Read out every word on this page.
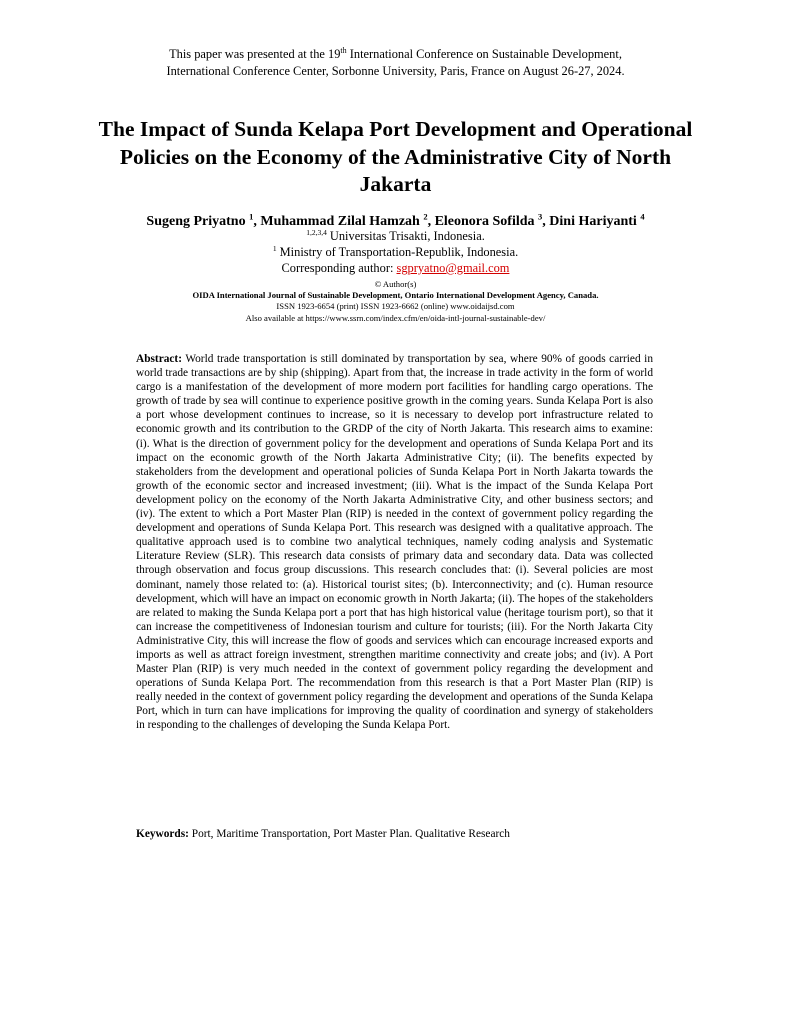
This paper was presented at the 19th International Conference on Sustainable Development,
International Conference Center, Sorbonne University, Paris, France on August 26-27, 2024.
The Impact of Sunda Kelapa Port Development and Operational Policies on the Economy of the Administrative City of North Jakarta
Sugeng Priyatno $^1$, Muhammad Zilal Hamzah $^2$, Eleonora Sofilda $^3$, Dini Hariyanti $^4$
$^{1,2,3,4}$ Universitas Trisakti, Indonesia.
$^1$ Ministry of Transportation-Republik, Indonesia.
Corresponding author: sgpryatno@gmail.com
© Author(s)
OIDA International Journal of Sustainable Development, Ontario International Development Agency, Canada.
ISSN 1923-6654 (print) ISSN 1923-6662 (online) www.oidaijsd.com
Also available at https://www.ssrn.com/index.cfm/en/oida-intl-journal-sustainable-dev/

Abstract: World trade transportation is still dominated by transportation by sea, where 90% of goods carried in world trade transactions are by ship (shipping). Apart from that, the increase in trade activity in the form of world cargo is a manifestation of the development of more modern port facilities for handling cargo operations. The growth of trade by sea will continue to experience positive growth in the coming years. Sunda Kelapa Port is also a port whose development continues to increase, so it is necessary to develop port infrastructure related to economic growth and its contribution to the GRDP of the city of North Jakarta. This research aims to examine: (i). What is the direction of government policy for the development and operations of Sunda Kelapa Port and its impact on the economic growth of the North Jakarta Administrative City; (ii). The benefits expected by stakeholders from the development and operational policies of Sunda Kelapa Port in North Jakarta towards the growth of the economic sector and increased investment; (iii). What is the impact of the Sunda Kelapa Port development policy on the economy of the North Jakarta Administrative City, and other business sectors; and (iv). The extent to which a Port Master Plan (RIP) is needed in the context of government policy regarding the development and operations of Sunda Kelapa Port. This research was designed with a qualitative approach. The qualitative approach used is to combine two analytical techniques, namely coding analysis and Systematic Literature Review (SLR). This research data consists of primary data and secondary data. Data was collected through observation and focus group discussions. This research concludes that: (i). Several policies are most dominant, namely those related to: (a). Historical tourist sites; (b). Interconnectivity; and (c). Human resource development, which will have an impact on economic growth in North Jakarta; (ii). The hopes of the stakeholders are related to making the Sunda Kelapa port a port that has high historical value (heritage tourism port), so that it can increase the competitiveness of Indonesian tourism and culture for tourists; (iii). For the North Jakarta City Administrative City, this will increase the flow of goods and services which can encourage increased exports and imports as well as attract foreign investment, strengthen maritime connectivity and create jobs; and (iv). A Port Master Plan (RIP) is very much needed in the context of government policy regarding the development and operations of Sunda Kelapa Port. The recommendation from this research is that a Port Master Plan (RIP) is really needed in the context of government policy regarding the development and operations of the Sunda Kelapa Port, which in turn can have implications for improving the quality of coordination and synergy of stakeholders in responding to the challenges of developing the Sunda Kelapa Port.

Keywords: Port, Maritime Transportation, Port Master Plan. Qualitative Research
